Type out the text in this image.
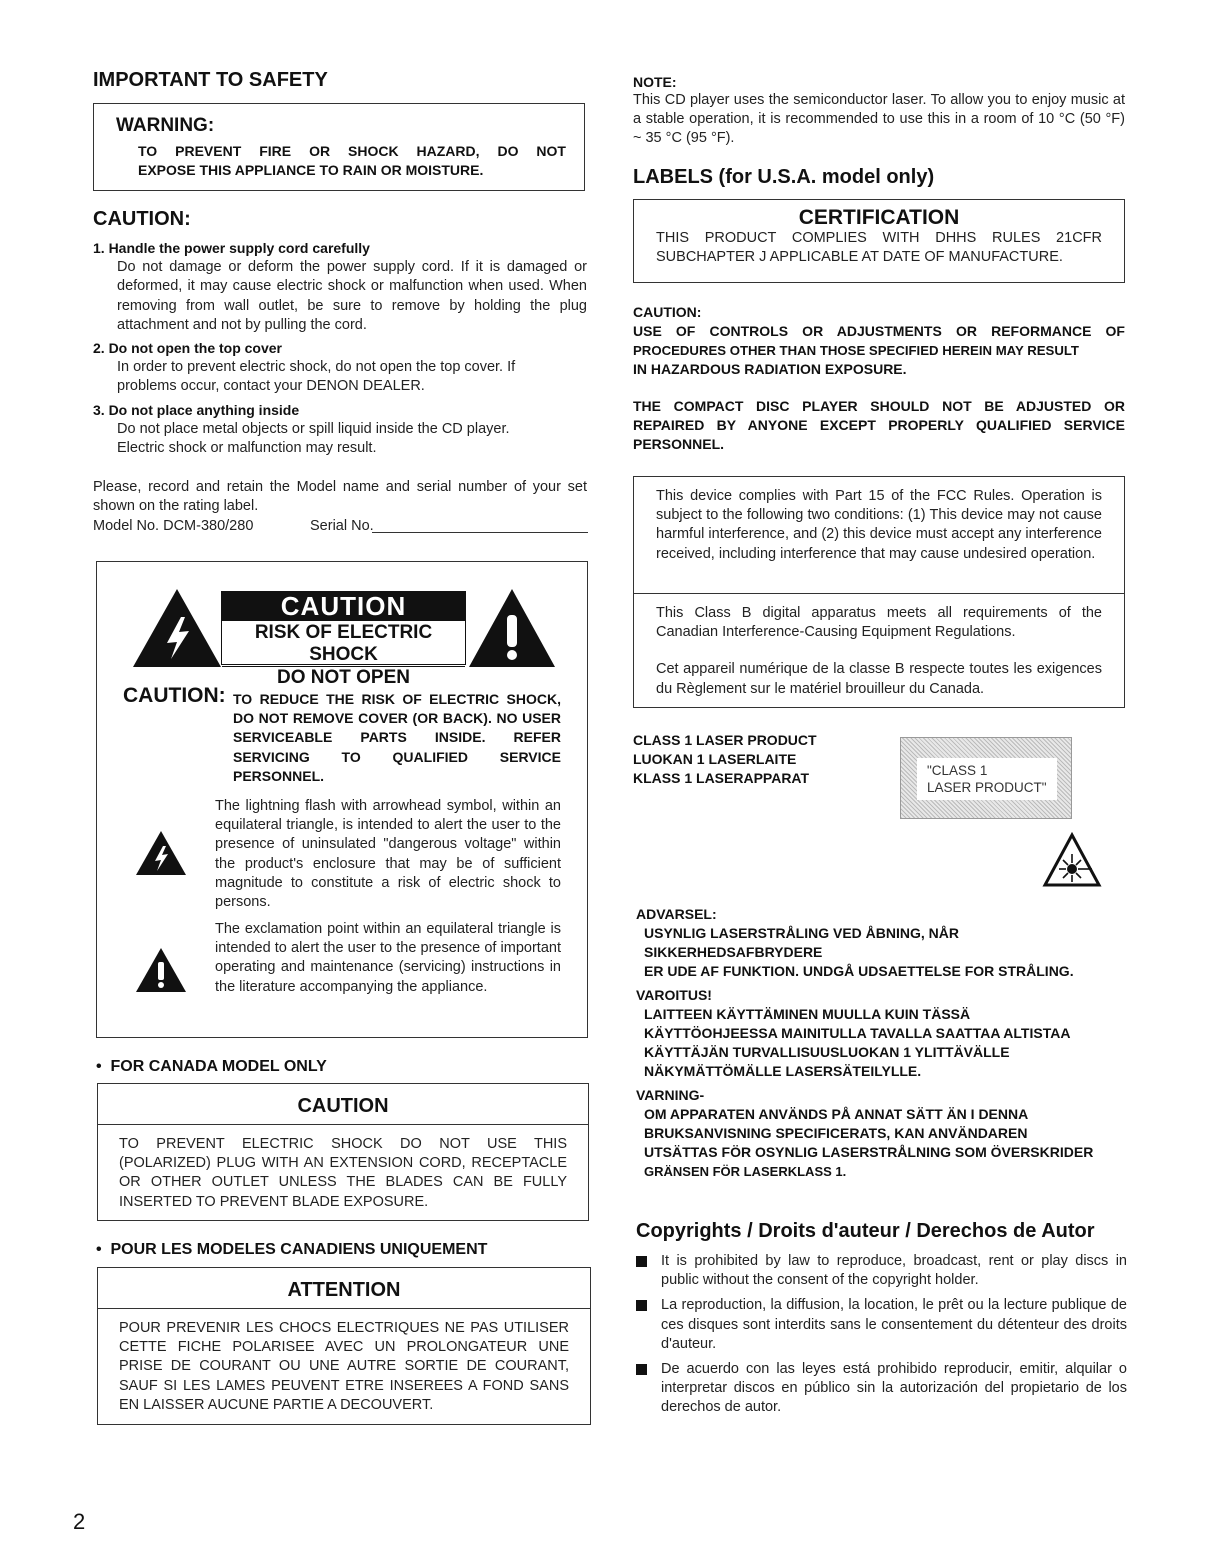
IMPORTANT TO SAFETY
WARNING:
TO PREVENT FIRE OR SHOCK HAZARD, DO NOT
EXPOSE THIS APPLIANCE TO RAIN OR MOISTURE.
CAUTION:
1. Handle the power supply cord carefully
Do not damage or deform the power supply cord. If it is damaged or deformed, it may cause electric shock or malfunction when used. When removing from wall outlet, be sure to remove by holding the plug attachment and not by pulling the cord.
2. Do not open the top cover
In order to prevent electric shock, do not open the top cover. If problems occur, contact your DENON DEALER.
3. Do not place anything inside
Do not place metal objects or spill liquid inside the CD player. Electric shock or malfunction may result.
Please, record and retain the Model name and serial number of your set shown on the rating label.
Model No. DCM-380/280	Serial No.
CAUTION
RISK OF ELECTRIC SHOCK
DO NOT OPEN
CAUTION: TO REDUCE THE RISK OF ELECTRIC SHOCK, DO NOT REMOVE COVER (OR BACK). NO USER SERVICEABLE PARTS INSIDE. REFER SERVICING TO QUALIFIED SERVICE PERSONNEL.
The lightning flash with arrowhead symbol, within an equilateral triangle, is intended to alert the user to the presence of uninsulated "dangerous voltage" within the product's enclosure that may be of sufficient magnitude to constitute a risk of electric shock to persons.
The exclamation point within an equilateral triangle is intended to alert the user to the presence of important operating and maintenance (servicing) instructions in the literature accompanying the appliance.
•  FOR CANADA MODEL ONLY
CAUTION
TO PREVENT ELECTRIC SHOCK DO NOT USE THIS (POLARIZED) PLUG WITH AN EXTENSION CORD, RECEPTACLE OR OTHER OUTLET UNLESS THE BLADES CAN BE FULLY INSERTED TO PREVENT BLADE EXPOSURE.
•  POUR LES MODELES CANADIENS UNIQUEMENT
ATTENTION
POUR PREVENIR LES CHOCS ELECTRIQUES NE PAS UTILISER CETTE FICHE POLARISEE AVEC UN PROLONGATEUR UNE PRISE DE COURANT OU UNE AUTRE SORTIE DE COURANT, SAUF SI LES LAMES PEUVENT ETRE INSEREES A FOND SANS EN LAISSER AUCUNE PARTIE A DECOUVERT.
2
NOTE:
This CD player uses the semiconductor laser. To allow you to enjoy music at a stable operation, it is recommended to use this in a room of 10 °C (50 °F) ~ 35 °C (95 °F).
LABELS (for U.S.A. model only)
CERTIFICATION
THIS PRODUCT COMPLIES WITH DHHS RULES 21CFR SUBCHAPTER J APPLICABLE AT DATE OF MANUFACTURE.
CAUTION:
USE OF CONTROLS OR ADJUSTMENTS OR REFORMANCE OF
PROCEDURES OTHER THAN THOSE SPECIFIED HEREIN MAY RESULT
IN HAZARDOUS RADIATION EXPOSURE.
THE COMPACT DISC PLAYER SHOULD NOT BE ADJUSTED OR REPAIRED BY ANYONE EXCEPT PROPERLY QUALIFIED SERVICE PERSONNEL.
This device complies with Part 15 of the FCC Rules. Operation is subject to the following two conditions: (1) This device may not cause harmful interference, and (2) this device must accept any interference received, including interference that may cause undesired operation.
This Class B digital apparatus meets all requirements of the Canadian Interference-Causing Equipment Regulations.
Cet appareil numérique de la classe B respecte toutes les exigences du Règlement sur le matériel brouilleur du Canada.
CLASS 1 LASER PRODUCT
LUOKAN 1 LASERLAITE
KLASS 1 LASERAPPARAT	"CLASS 1
LASER PRODUCT"
ADVARSEL:
USYNLIG LASERSTRÅLING VED ÅBNING, NÅR
SIKKERHEDSAFBRYDERE
ER UDE AF FUNKTION. UNDGÅ UDSAETTELSE FOR STRÅLING.
VAROITUS!
LAITTEEN KÄYTTÄMINEN MUULLA KUIN TÄSSÄ
KÄYTTÖOHJEESSA MAINITULLA TAVALLA SAATTAA ALTISTAA
KÄYTTÄJÄN TURVALLISUUSLUOKAN 1 YLITTÄVÄLLE
NÄKYMÄTTÖMÄLLE LASERSÄTEILYLLE.
VARNING-
OM APPARATEN ANVÄNDS PÅ ANNAT SÄTT ÄN I DENNA
BRUKSANVISNING SPECIFICERATS, KAN ANVÄNDAREN
UTSÄTTAS FÖR OSYNLIG LASERSTRÅLNING SOM ÖVERSKRIDER
GRÄNSEN FÖR LASERKLASS 1.
Copyrights / Droits d'auteur / Derechos de Autor
It is prohibited by law to reproduce, broadcast, rent or play discs in public without the consent of the copyright holder.
La reproduction, la diffusion, la location, le prêt ou la lecture publique de ces disques sont interdits sans le consentement du détenteur des droits d'auteur.
De acuerdo con las leyes está prohibido reproducir, emitir, alquilar o interpretar discos en público sin la autorización del propietario de los derechos de autor.
